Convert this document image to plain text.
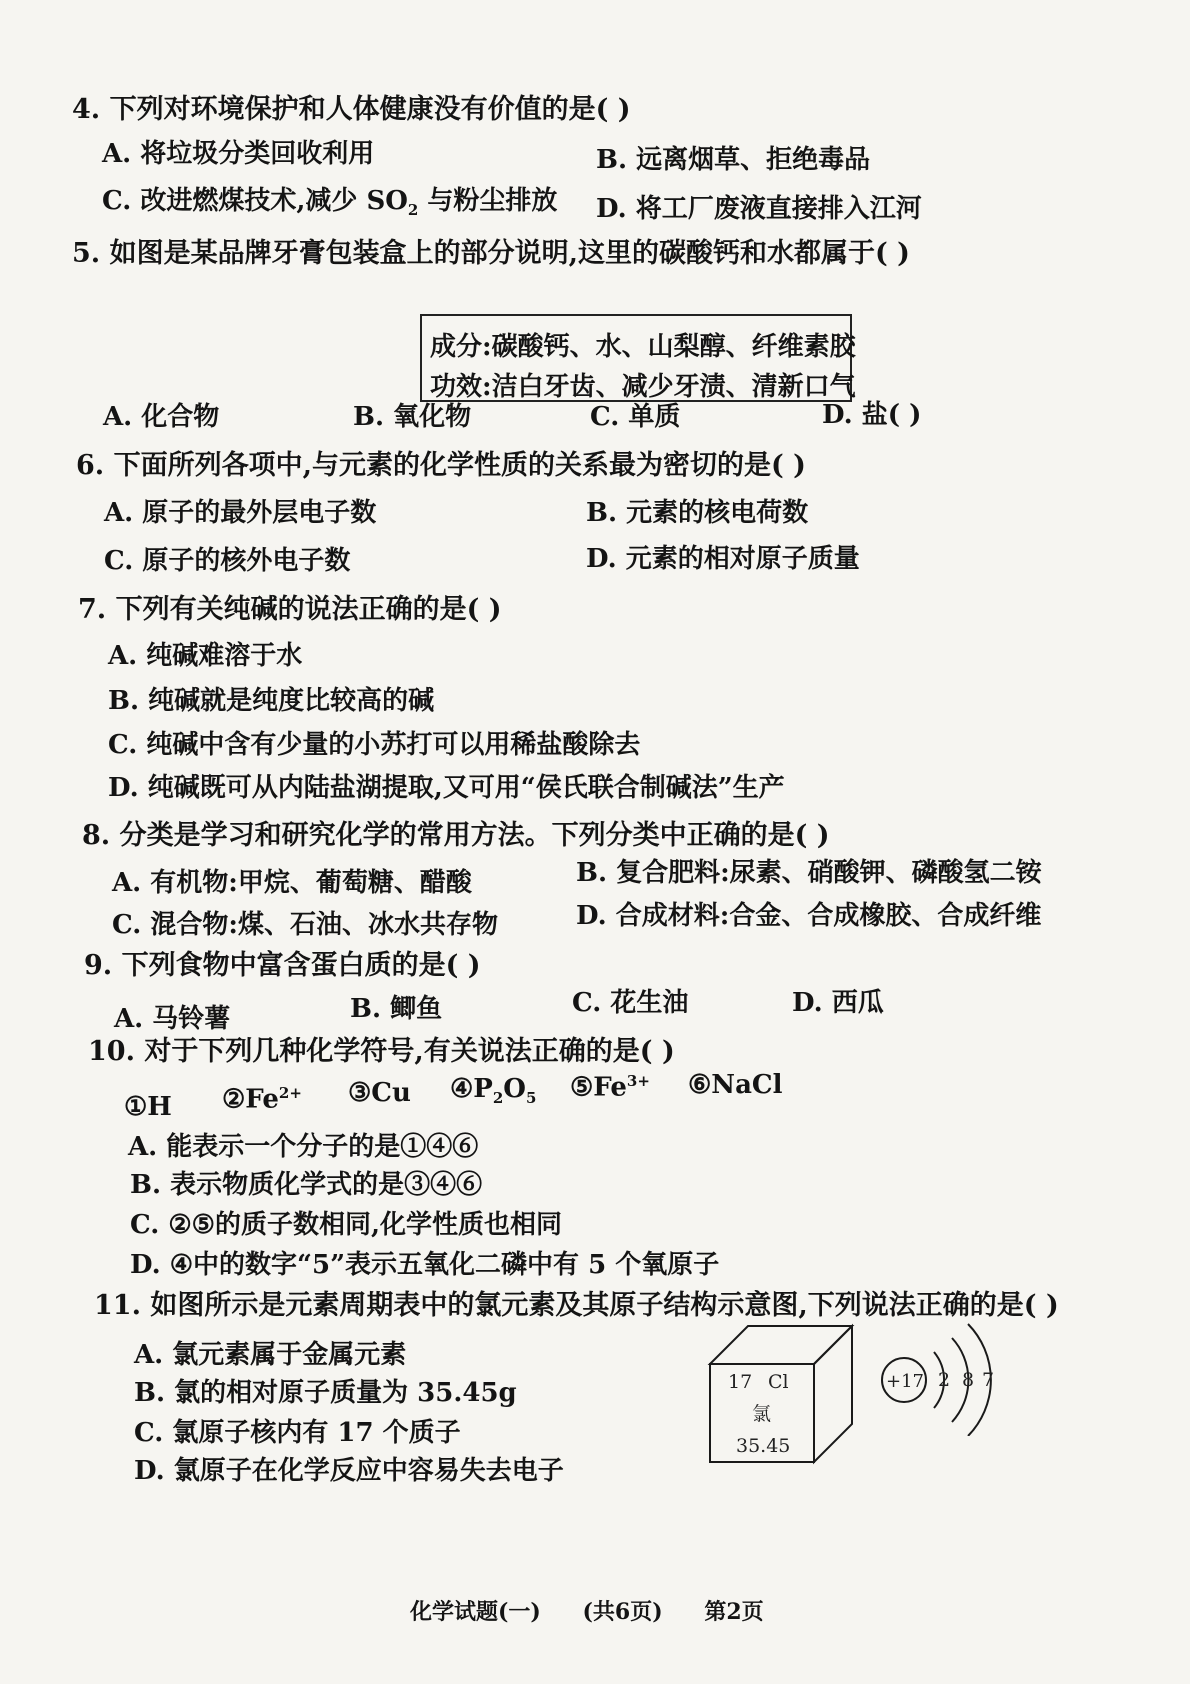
4. 下列对环境保护和人体健康没有价值的是( )
A. 将垃圾分类回收利用	B. 远离烟草、拒绝毒品
C. 改进燃煤技术,减少 $SO_2$ 与粉尘排放 D. 将工厂废液直接排入江河
5. 如图是某品牌牙膏包装盒上的部分说明,这里的碳酸钙和水都属于( )
成分:碳酸钙、水、山梨醇、纤维素胶
功效:洁白牙齿、减少牙渍、清新口气
A. 化合物	B. 氧化物	C. 单质	D. 盐( )
6. 下面所列各项中,与元素的化学性质的关系最为密切的是( )
A. 原子的最外层电子数	B. 元素的核电荷数
C. 原子的核外电子数	D. 元素的相对原子质量
7. 下列有关纯碱的说法正确的是( )
A. 纯碱难溶于水
B. 纯碱就是纯度比较高的碱
C. 纯碱中含有少量的小苏打可以用稀盐酸除去
D. 纯碱既可从内陆盐湖提取,又可用“侯氏联合制碱法”生产
8. 分类是学习和研究化学的常用方法。下列分类中正确的是( )
A. 有机物:甲烷、葡萄糖、醋酸	B. 复合肥料:尿素、硝酸钾、磷酸氢二铵
C. 混合物:煤、石油、冰水共存物	D. 合成材料:合金、合成橡胶、合成纤维
9. 下列食物中富含蛋白质的是( )
A. 马铃薯	B. 鲫鱼	C. 花生油	D. 西瓜
10. 对于下列几种化学符号,有关说法正确的是( )
①H $②Fe^{2+}$ ③Cu $④P_2O_5$ $⑤Fe^{3+}$ ⑥NaCl
A. 能表示一个分子的是①④⑥
B. 表示物质化学式的是③④⑥
C. ②⑤的质子数相同,化学性质也相同
D. ④中的数字“5”表示五氧化二磷中有 5 个氧原子
11. 如图所示是元素周期表中的氯元素及其原子结构示意图,下列说法正确的是( )
A. 氯元素属于金属元素
B. 氯的相对原子质量为 35.45g
C. 氯原子核内有 17 个质子
D. 氯原子在化学反应中容易失去电子
17 Cl
氯
35.45
+17 2 8 7
化学试题(一) (共6页) 第2页
